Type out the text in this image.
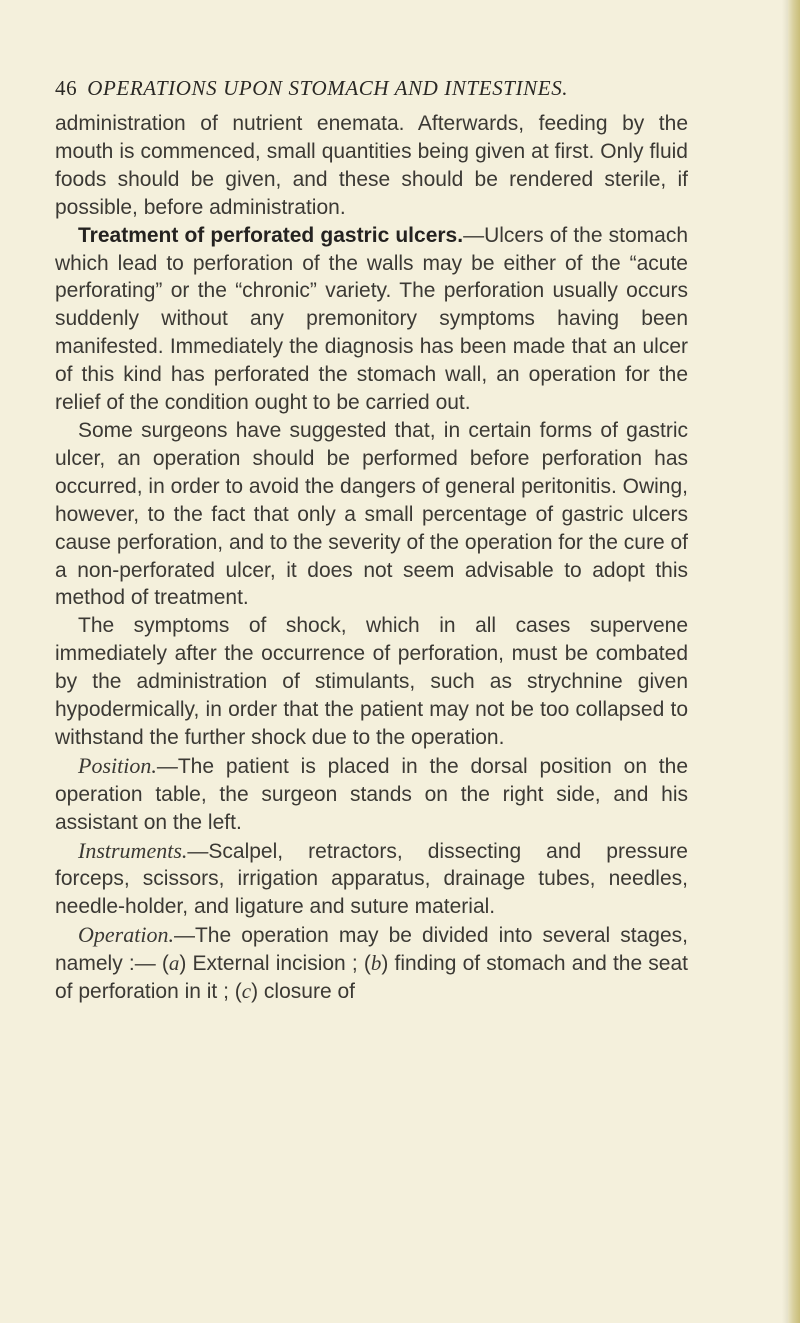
46 OPERATIONS UPON STOMACH AND INTESTINES.

administration of nutrient enemata. Afterwards, feeding by the mouth is commenced, small quantities being given at first. Only fluid foods should be given, and these should be rendered sterile, if possible, before administration.

Treatment of perforated gastric ulcers.—Ulcers of the stomach which lead to perforation of the walls may be either of the “acute perforating” or the “chronic” variety. The perforation usually occurs suddenly without any premonitory symptoms having been manifested. Immediately the diagnosis has been made that an ulcer of this kind has perforated the stomach wall, an operation for the relief of the condition ought to be carried out.

Some surgeons have suggested that, in certain forms of gastric ulcer, an operation should be performed before perforation has occurred, in order to avoid the dangers of general peritonitis. Owing, however, to the fact that only a small percentage of gastric ulcers cause perforation, and to the severity of the operation for the cure of a non-perforated ulcer, it does not seem advisable to adopt this method of treatment.

The symptoms of shock, which in all cases supervene immediately after the occurrence of perforation, must be combated by the administration of stimulants, such as strychnine given hypodermically, in order that the patient may not be too collapsed to withstand the further shock due to the operation.

Position.—The patient is placed in the dorsal position on the operation table, the surgeon stands on the right side, and his assistant on the left.

Instruments.—Scalpel, retractors, dissecting and pressure forceps, scissors, irrigation apparatus, drainage tubes, needles, needle-holder, and ligature and suture material.

Operation.—The operation may be divided into several stages, namely :— (a) External incision ; (b) finding of stomach and the seat of perforation in it ; (c) closure of
